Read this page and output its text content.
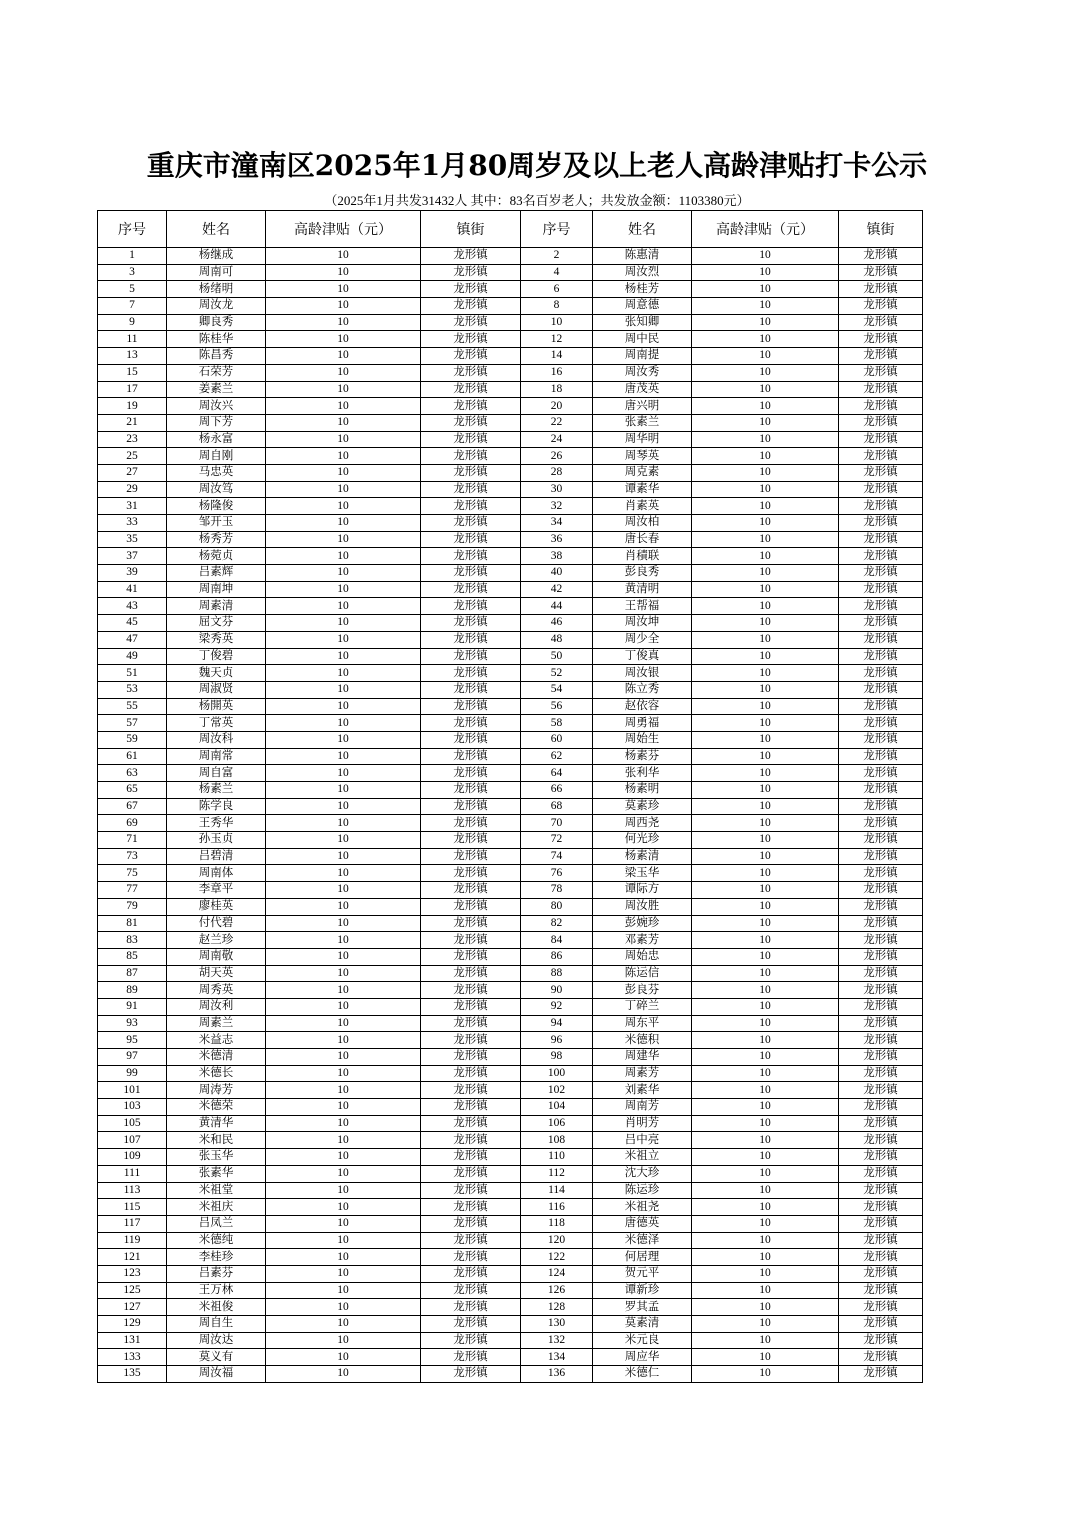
重庆市潼南区2025年1月80周岁及以上老人高龄津贴打卡公示
（2025年1月共发31432人 其中：83名百岁老人；共发放金额：1103380元）
序号	姓名	高龄津贴（元）	镇街	序号	姓名	高龄津贴（元）	镇街
1	杨继成	10	龙形镇	2	陈惠清	10	龙形镇
3	周南可	10	龙形镇	4	周汝烈	10	龙形镇
5	杨绪明	10	龙形镇	6	杨桂芳	10	龙形镇
7	周汝龙	10	龙形镇	8	周意德	10	龙形镇
9	卿良秀	10	龙形镇	10	张知卿	10	龙形镇
11	陈桂华	10	龙形镇	12	周中民	10	龙形镇
13	陈昌秀	10	龙形镇	14	周南提	10	龙形镇
15	石荣芳	10	龙形镇	16	周汝秀	10	龙形镇
17	姜素兰	10	龙形镇	18	唐茂英	10	龙形镇
19	周汝兴	10	龙形镇	20	唐兴明	10	龙形镇
21	周下芳	10	龙形镇	22	张素兰	10	龙形镇
23	杨永富	10	龙形镇	24	周华明	10	龙形镇
25	周自刚	10	龙形镇	26	周琴英	10	龙形镇
27	马忠英	10	龙形镇	28	周克素	10	龙形镇
29	周汝笃	10	龙形镇	30	谭素华	10	龙形镇
31	杨隆俊	10	龙形镇	32	肖素英	10	龙形镇
33	邹开玉	10	龙形镇	34	周汝柏	10	龙形镇
35	杨秀芳	10	龙形镇	36	唐长春	10	龙形镇
37	杨菀贞	10	龙形镇	38	肖積联	10	龙形镇
39	吕素辉	10	龙形镇	40	彭良秀	10	龙形镇
41	周南坤	10	龙形镇	42	黄清明	10	龙形镇
43	周素清	10	龙形镇	44	王帮福	10	龙形镇
45	屈文芬	10	龙形镇	46	周汝坤	10	龙形镇
47	梁秀英	10	龙形镇	48	周少全	10	龙形镇
49	丁俊碧	10	龙形镇	50	丁俊真	10	龙形镇
51	魏天贞	10	龙形镇	52	周汝银	10	龙形镇
53	周淑贤	10	龙形镇	54	陈立秀	10	龙形镇
55	杨開英	10	龙形镇	56	赵依容	10	龙形镇
57	丁常英	10	龙形镇	58	周勇福	10	龙形镇
59	周汝科	10	龙形镇	60	周始生	10	龙形镇
61	周南常	10	龙形镇	62	杨素芬	10	龙形镇
63	周自富	10	龙形镇	64	张利华	10	龙形镇
65	杨素兰	10	龙形镇	66	杨素明	10	龙形镇
67	陈学良	10	龙形镇	68	莫素珍	10	龙形镇
69	王秀华	10	龙形镇	70	周西尧	10	龙形镇
71	孙玉贞	10	龙形镇	72	何光珍	10	龙形镇
73	吕碧清	10	龙形镇	74	杨素清	10	龙形镇
75	周南体	10	龙形镇	76	梁玉华	10	龙形镇
77	李章平	10	龙形镇	78	谭际方	10	龙形镇
79	廖桂英	10	龙形镇	80	周汝胜	10	龙形镇
81	付代碧	10	龙形镇	82	彭婉珍	10	龙形镇
83	赵兰珍	10	龙形镇	84	邓素芳	10	龙形镇
85	周南敬	10	龙形镇	86	周始忠	10	龙形镇
87	胡天英	10	龙形镇	88	陈运信	10	龙形镇
89	周秀英	10	龙形镇	90	彭良芬	10	龙形镇
91	周汝利	10	龙形镇	92	丁碎兰	10	龙形镇
93	周素兰	10	龙形镇	94	周东平	10	龙形镇
95	米益志	10	龙形镇	96	米德积	10	龙形镇
97	米德清	10	龙形镇	98	周建华	10	龙形镇
99	米德长	10	龙形镇	100	周素芳	10	龙形镇
101	周涛芳	10	龙形镇	102	刘素华	10	龙形镇
103	米德荣	10	龙形镇	104	周南芳	10	龙形镇
105	黄清华	10	龙形镇	106	肖明芳	10	龙形镇
107	米和民	10	龙形镇	108	吕中亮	10	龙形镇
109	张玉华	10	龙形镇	110	米祖立	10	龙形镇
111	张素华	10	龙形镇	112	沈大珍	10	龙形镇
113	米祖堂	10	龙形镇	114	陈运珍	10	龙形镇
115	米祖庆	10	龙形镇	116	米祖尧	10	龙形镇
117	吕凤兰	10	龙形镇	118	唐德英	10	龙形镇
119	米德纯	10	龙形镇	120	米德泽	10	龙形镇
121	李桂珍	10	龙形镇	122	何居理	10	龙形镇
123	吕素芬	10	龙形镇	124	贺元平	10	龙形镇
125	王万林	10	龙形镇	126	谭新珍	10	龙形镇
127	米祖俊	10	龙形镇	128	罗其孟	10	龙形镇
129	周自生	10	龙形镇	130	莫素清	10	龙形镇
131	周汝达	10	龙形镇	132	米元良	10	龙形镇
133	莫义有	10	龙形镇	134	周应华	10	龙形镇
135	周汝福	10	龙形镇	136	米德仁	10	龙形镇
